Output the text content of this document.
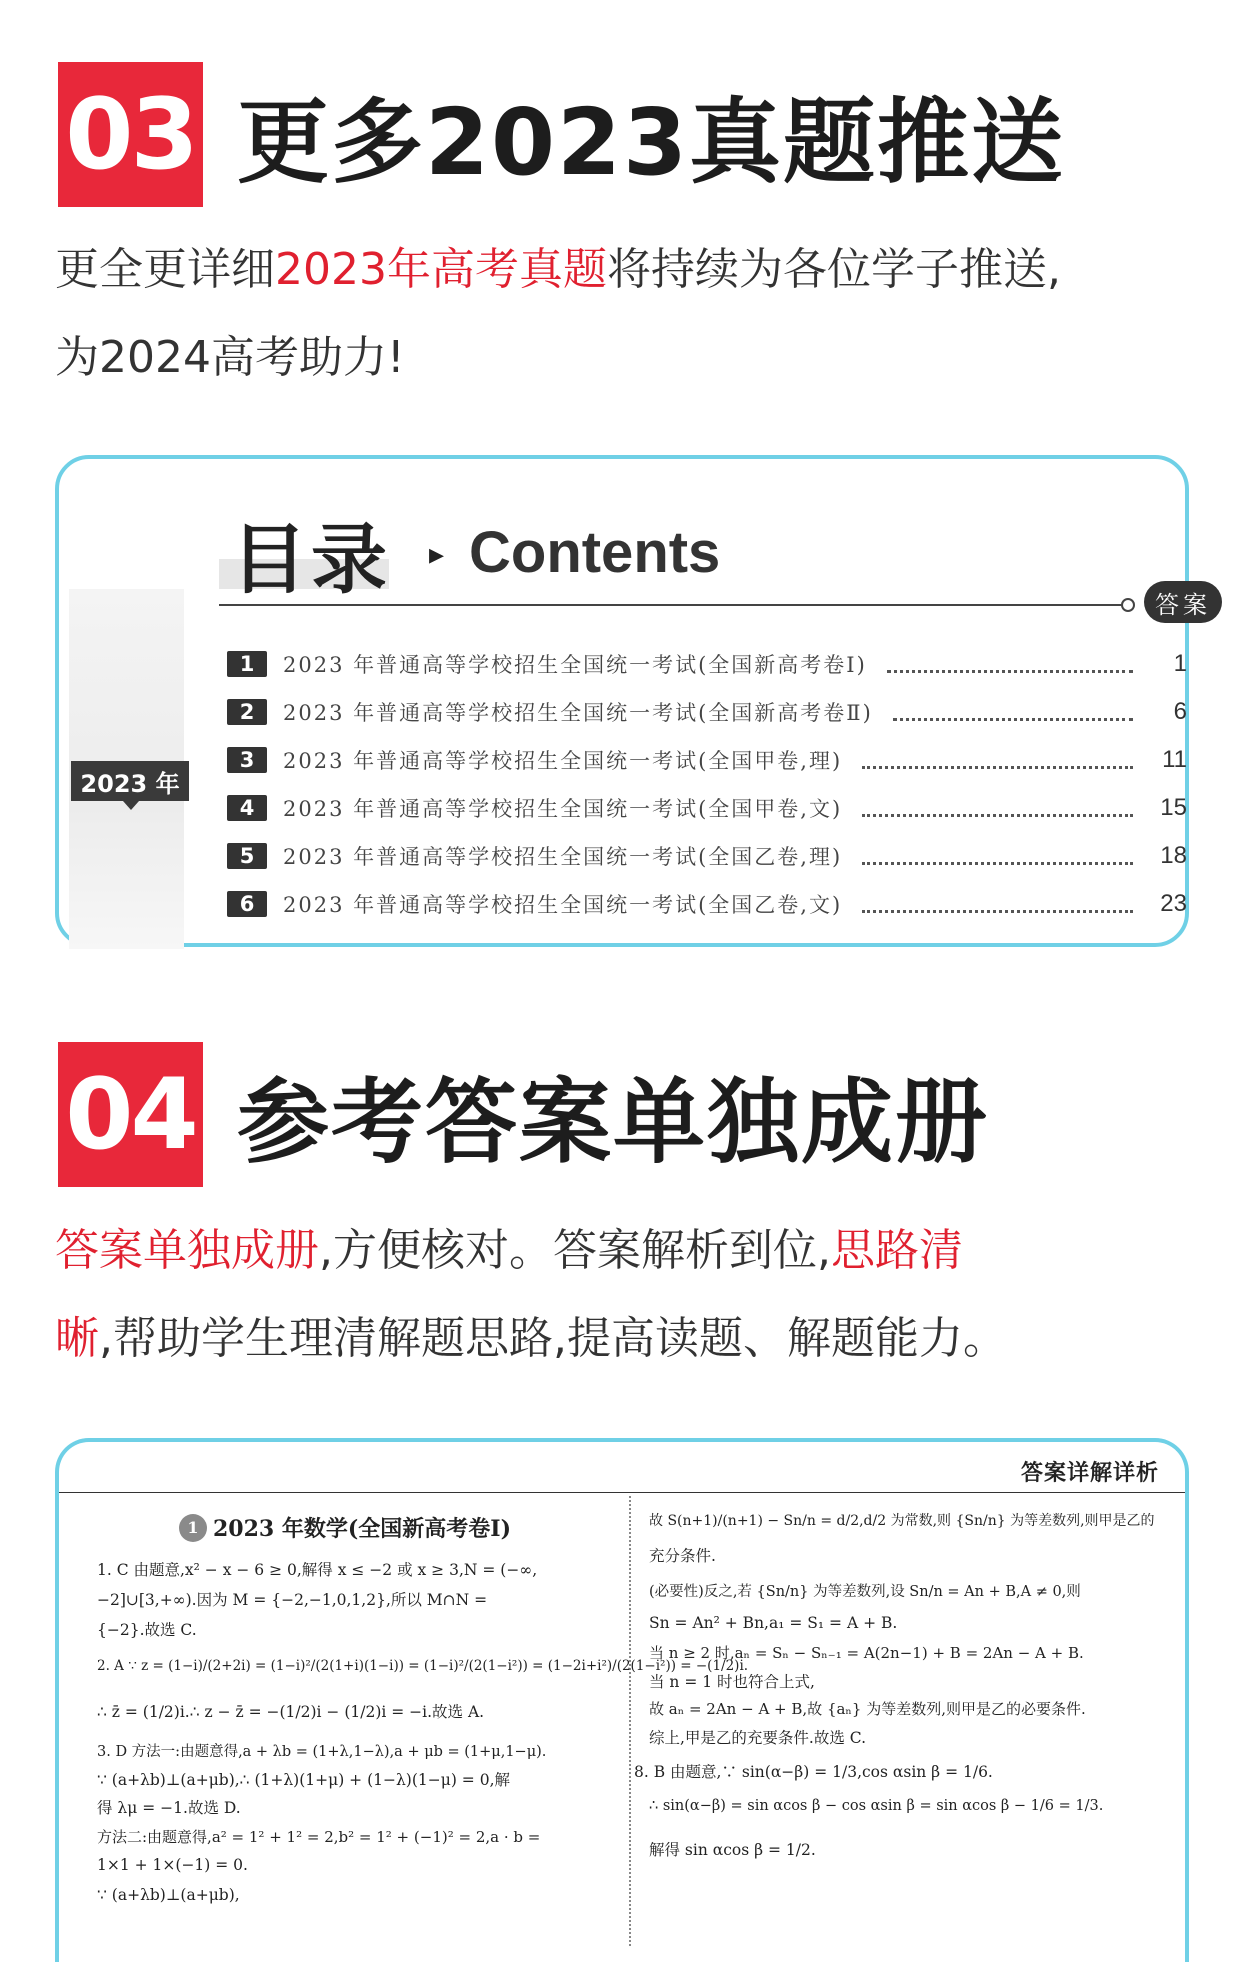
03 更多2023真题推送
更全更详细2023年高考真题将持续为各位学子推送,
为2024高考助力!
目录 ▸ Contents
答案
2023 年
1	2023 年普通高等学校招生全国统一考试(全国新高考卷Ⅰ)	1
2	2023 年普通高等学校招生全国统一考试(全国新高考卷Ⅱ)	6
3	2023 年普通高等学校招生全国统一考试(全国甲卷,理)	11
4	2023 年普通高等学校招生全国统一考试(全国甲卷,文)	15
5	2023 年普通高等学校招生全国统一考试(全国乙卷,理)	18
6	2023 年普通高等学校招生全国统一考试(全国乙卷,文)	23
04 参考答案单独成册
答案单独成册,方便核对。答案解析到位,思路清
晰,帮助学生理清解题思路,提高读题、解题能力。
答案详解详析
1 2023 年数学(全国新高考卷Ⅰ)
1. C 由题意,x² − x − 6 ≥ 0,解得 x ≤ −2 或 x ≥ 3,N = (−∞,
−2]∪[3,+∞).因为 M = {−2,−1,0,1,2},所以 M∩N =
{−2}.故选 C.
2. A ∵ z = (1−i)/(2+2i) = (1−i)²/(2(1+i)(1−i)) = (1−i)²/(2(1−i²)) = (1−2i+i²)/(2(1−i²)) = −(1/2)i.
∴ z̄ = (1/2)i.∴ z − z̄ = −(1/2)i − (1/2)i = −i.故选 A.
3. D 方法一:由题意得,a + λb = (1+λ,1−λ),a + μb = (1+μ,1−μ).
∵ (a+λb)⊥(a+μb),∴ (1+λ)(1+μ) + (1−λ)(1−μ) = 0,解
得 λμ = −1.故选 D.
方法二:由题意得,a² = 1² + 1² = 2,b² = 1² + (−1)² = 2,a · b =
1×1 + 1×(−1) = 0.
∵ (a+λb)⊥(a+μb),
故 S(n+1)/(n+1) − Sn/n = d/2,d/2 为常数,则 {Sn/n} 为等差数列,则甲是乙的
充分条件.
(必要性)反之,若 {Sn/n} 为等差数列,设 Sn/n = An + B,A ≠ 0,则
Sn = An² + Bn,a₁ = S₁ = A + B.
当 n ≥ 2 时,aₙ = Sₙ − Sₙ₋₁ = A(2n−1) + B = 2An − A + B.
当 n = 1 时也符合上式,
故 aₙ = 2An − A + B,故 {aₙ} 为等差数列,则甲是乙的必要条件.
综上,甲是乙的充要条件.故选 C.
8. B 由题意,∵ sin(α−β) = 1/3,cos αsin β = 1/6.
∴ sin(α−β) = sin αcos β − cos αsin β = sin αcos β − 1/6 = 1/3.
解得 sin αcos β = 1/2.
